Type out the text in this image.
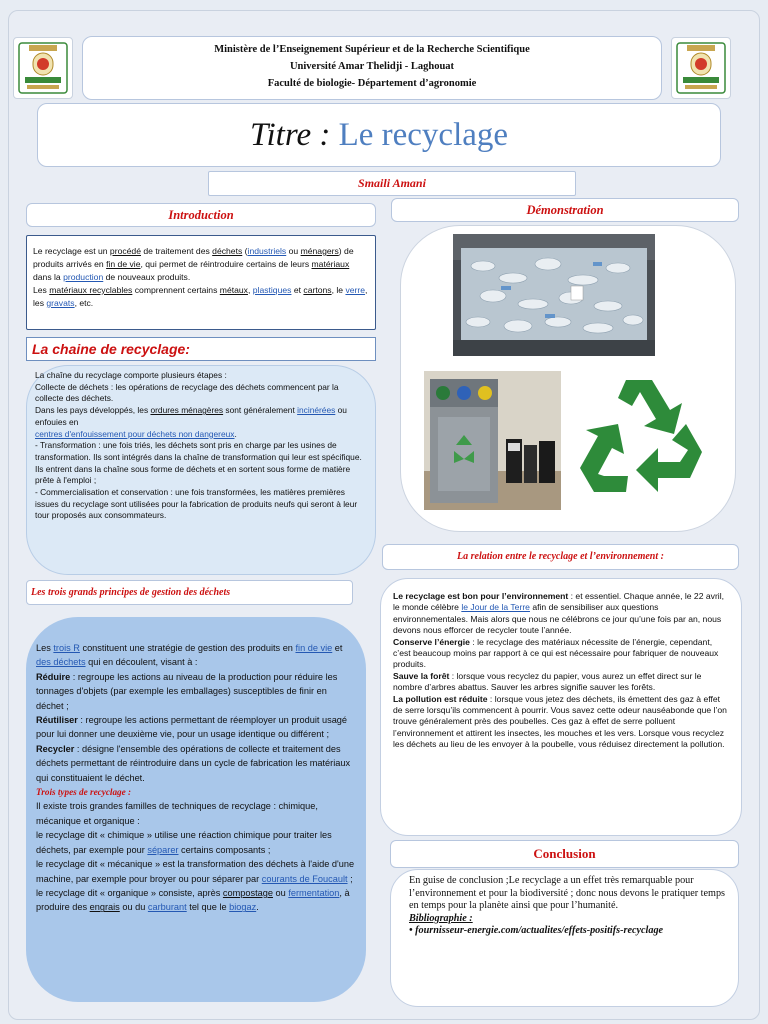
Ministère de l’Enseignement Supérieur et de la Recherche Scientifique
Université Amar Thelidji - Laghouat
Faculté de biologie- Département d’agronomie
Titre : Le recyclage
Smaili Amani
Introduction
Le recyclage est un procédé de traitement des déchets (industriels ou ménagers) de produits arrivés en fin de vie, qui permet de réintroduire certains de leurs matériaux dans la production de nouveaux produits.
Les matériaux recyclables comprennent certains métaux, plastiques et cartons, le verre, les gravats, etc.
La chaine de recyclage:
La chaîne du recyclage comporte plusieurs étapes :
Collecte de déchets : les opérations de recyclage des déchets commencent par la collecte des déchets.
Dans les pays développés, les ordures ménagères sont généralement incinérées ou enfouies en
centres d'enfouissement pour déchets non dangereux.
- Transformation : une fois triés, les déchets sont pris en charge par les usines de transformation. Ils sont intégrés dans la chaîne de transformation qui leur est spécifique. Ils entrent dans la chaîne sous forme de déchets et en sortent sous forme de matière prête à l'emploi ;
- Commercialisation et conservation : une fois transformées, les matières premières issues du recyclage sont utilisées pour la fabrication de produits neufs qui seront à leur tour proposés aux consommateurs.
Les trois grands principes de gestion des déchets
Les trois R constituent une stratégie de gestion des produits en fin de vie et des déchets qui en découlent, visant à :
Réduire : regroupe les actions au niveau de la production pour réduire les tonnages d'objets (par exemple les emballages) susceptibles de finir en déchet ;
Réutiliser : regroupe les actions permettant de réemployer un produit usagé pour lui donner une deuxième vie, pour un usage identique ou différent ;
Recycler : désigne l'ensemble des opérations de collecte et traitement des déchets permettant de réintroduire dans un cycle de fabrication les matériaux qui constituaient le déchet.
Trois types de recyclage :
Il existe trois grandes familles de techniques de recyclage : chimique, mécanique et organique :
le recyclage dit « chimique » utilise une réaction chimique pour traiter les déchets, par exemple pour séparer certains composants ;
le recyclage dit « mécanique » est la transformation des déchets à l'aide d'une machine, par exemple pour broyer ou pour séparer par courants de Foucault ;
le recyclage dit « organique » consiste, après compostage ou fermentation, à produire des engrais ou du carburant tel que le biogaz.
Démonstration
La relation entre le recyclage et l’environnement :
Le recyclage est bon pour l’environnement : et essentiel. Chaque année, le 22 avril, le monde célèbre le Jour de la Terre afin de sensibiliser aux questions environnementales. Mais alors que nous ne célébrons ce jour qu’une fois par an, nous devons nous efforcer de recycler toute l’année.
Conserve l’énergie : le recyclage des matériaux nécessite de l’énergie, cependant, c’est beaucoup moins par rapport à ce qui est nécessaire pour fabriquer de nouveaux produits.
Sauve la forêt : lorsque vous recyclez du papier, vous aurez un effet direct sur le nombre d’arbres abattus. Sauver les arbres signifie sauver les forêts.
La pollution est réduite : lorsque vous jetez des déchets, ils émettent des gaz à effet de serre lorsqu’ils commencent à pourrir. Vous savez cette odeur nauséabonde que l’on trouve généralement près des poubelles. Ces gaz à effet de serre polluent l’environnement et attirent les insectes, les mouches et les vers. Lorsque vous recyclez les déchets au lieu de les envoyer à la poubelle, vous réduisez directement la pollution.
Conclusion
En guise de conclusion ;Le recyclage a un effet très remarquable pour l’environnement et pour la biodiversité ; donc nous devons le pratiquer temps en temps pour la planète ainsi que pour l’humanité.
Bibliographie :
• fournisseur-energie.com/actualites/effets-positifs-recyclage
